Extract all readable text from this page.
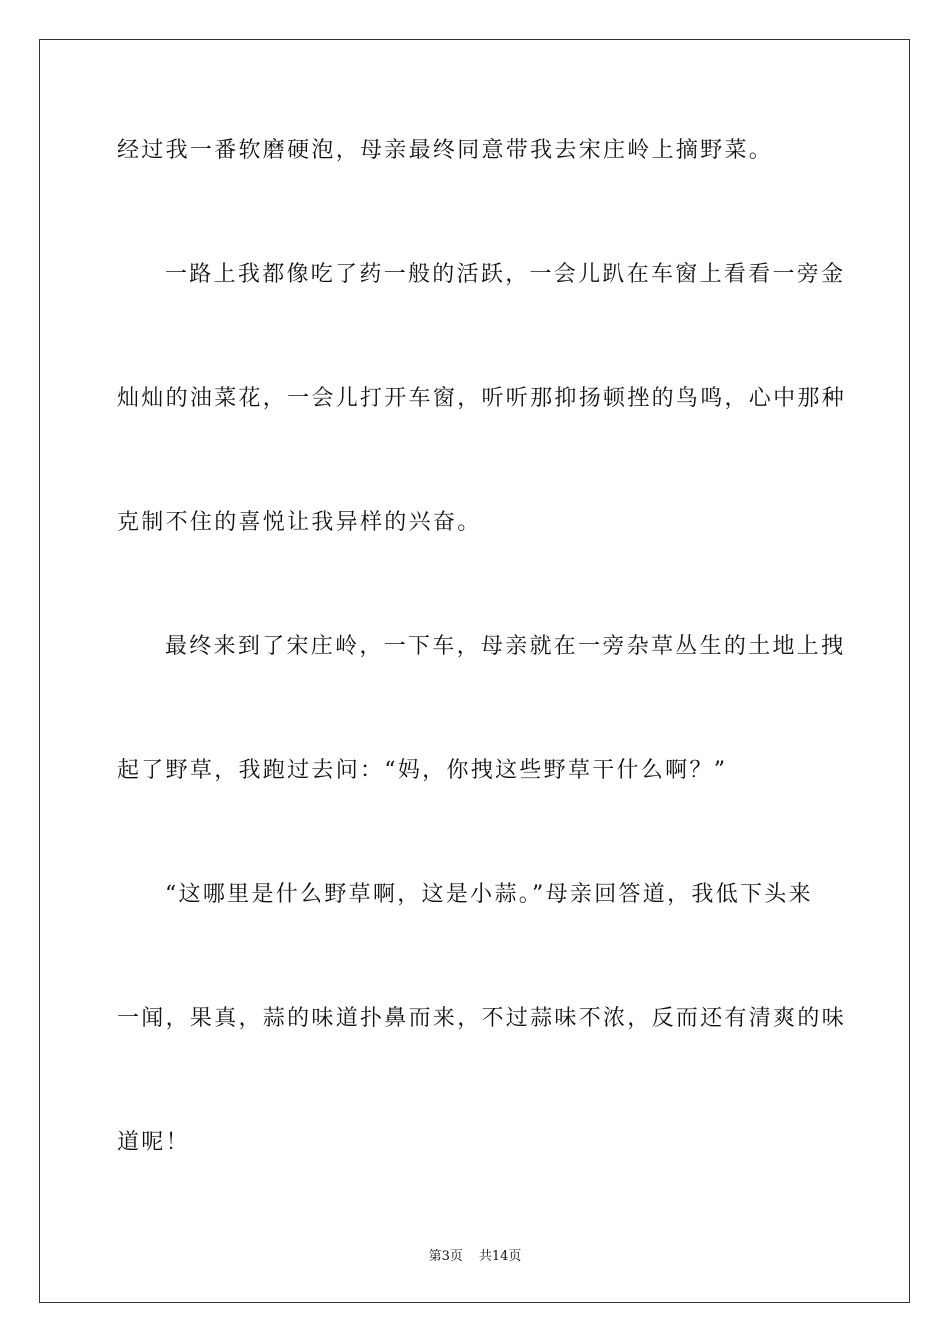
经过我一番软磨硬泡，母亲最终同意带我去宋庄岭上摘野菜。
一路上我都像吃了药一般的活跃，一会儿趴在车窗上看看一旁金
灿灿的油菜花，一会儿打开车窗，听听那抑扬顿挫的鸟鸣，心中那种
克制不住的喜悦让我异样的兴奋。
最终来到了宋庄岭，一下车，母亲就在一旁杂草丛生的土地上拽
起了野草，我跑过去问：“妈，你拽这些野草干什么啊？”
“这哪里是什么野草啊，这是小蒜。”母亲回答道，我低下头来
一闻，果真，蒜的味道扑鼻而来，不过蒜味不浓，反而还有清爽的味
道呢！
第3页 共14页
